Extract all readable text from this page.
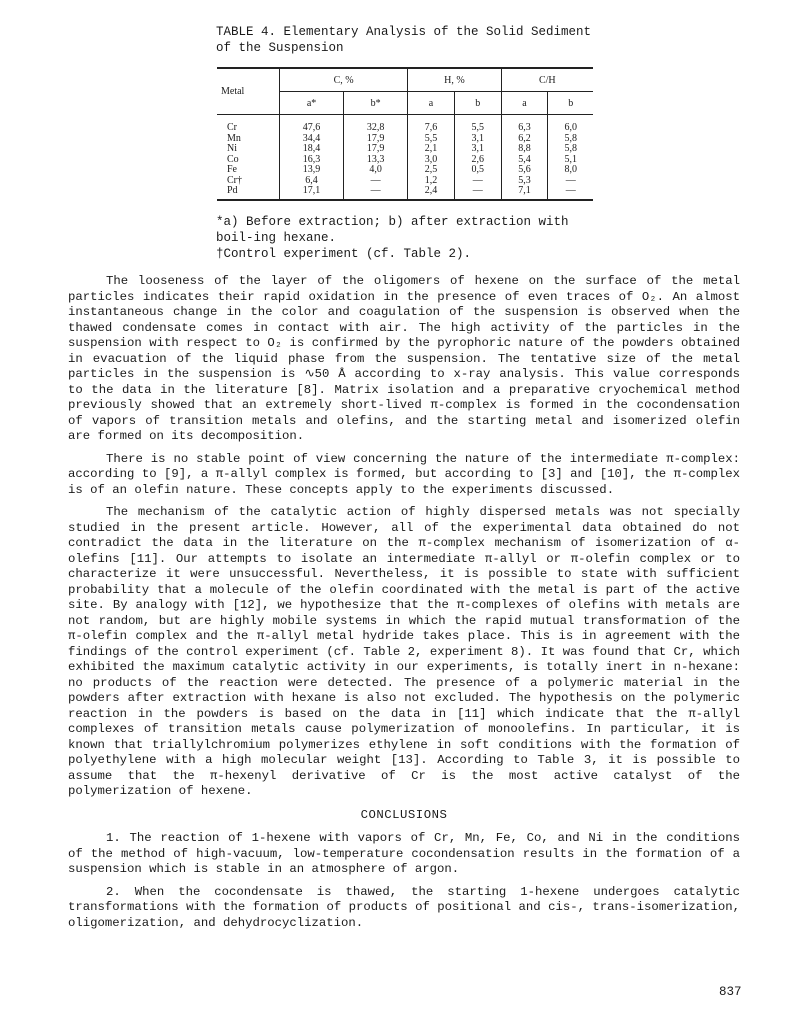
TABLE 4. Elementary Analysis of the Solid Sediment
of the Suspension
Metal	C, %		H, %		C/H	
	a*	b*	a	b	a	b
Cr	47,6	32,8	7,6	5,5	6,3	6,0
Mn	34,4	17,9	5,5	3,1	6,2	5,8
Ni	18,4	17,9	2,1	3,1	8,8	5,8
Co	16,3	13,3	3,0	2,6	5,4	5,1
Fe	13,9	4,0	2,5	0,5	5,6	8,0
Cr†	6,4	—	1,2	—	5,3	—
Pd	17,1	—	2,4	—	7,1	—

*a) Before extraction; b) after extraction with boil-ing hexane.

†Control experiment (cf. Table 2).

The looseness of the layer of the oligomers of hexene on the surface of the metal particles indicates their rapid oxidation in the presence of even traces of O₂. An almost instantaneous change in the color and coagulation of the suspension is observed when the thawed condensate comes in contact with air. The high activity of the particles in the suspension with respect to O₂ is confirmed by the pyrophoric nature of the powders obtained in evacuation of the liquid phase from the suspension. The tentative size of the metal particles in the suspension is ∿50 Å according to x-ray analysis. This value corresponds to the data in the literature [8]. Matrix isolation and a preparative cryochemical method previously showed that an extremely short-lived π-complex is formed in the cocondensation of vapors of transition metals and olefins, and the starting metal and isomerized olefin are formed on its decomposition.

There is no stable point of view concerning the nature of the intermediate π-complex: according to [9], a π-allyl complex is formed, but according to [3] and [10], the π-complex is of an olefin nature. These concepts apply to the experiments discussed.

The mechanism of the catalytic action of highly dispersed metals was not specially studied in the present article. However, all of the experimental data obtained do not contradict the data in the literature on the π-complex mechanism of isomerization of α-olefins [11]. Our attempts to isolate an intermediate π-allyl or π-olefin complex or to characterize it were unsuccessful. Nevertheless, it is possible to state with sufficient probability that a molecule of the olefin coordinated with the metal is part of the active site. By analogy with [12], we hypothesize that the π-complexes of olefins with metals are not random, but are highly mobile systems in which the rapid mutual transformation of the π-olefin complex and the π-allyl metal hydride takes place. This is in agreement with the findings of the control experiment (cf. Table 2, experiment 8). It was found that Cr, which exhibited the maximum catalytic activity in our experiments, is totally inert in n-hexane: no products of the reaction were detected. The presence of a polymeric material in the powders after extraction with hexane is also not excluded. The hypothesis on the polymeric reaction in the powders is based on the data in [11] which indicate that the π-allyl complexes of transition metals cause polymerization of monoolefins. In particular, it is known that triallylchromium polymerizes ethylene in soft conditions with the formation of polyethylene with a high molecular weight [13]. According to Table 3, it is possible to assume that the π-hexenyl derivative of Cr is the most active catalyst of the polymerization of hexene.

CONCLUSIONS

1. The reaction of 1-hexene with vapors of Cr, Mn, Fe, Co, and Ni in the conditions of the method of high-vacuum, low-temperature cocondensation results in the formation of a suspension which is stable in an atmosphere of argon.

2. When the cocondensate is thawed, the starting 1-hexene undergoes catalytic transformations with the formation of products of positional and cis-, trans-isomerization, oligomerization, and dehydrocyclization.

837
